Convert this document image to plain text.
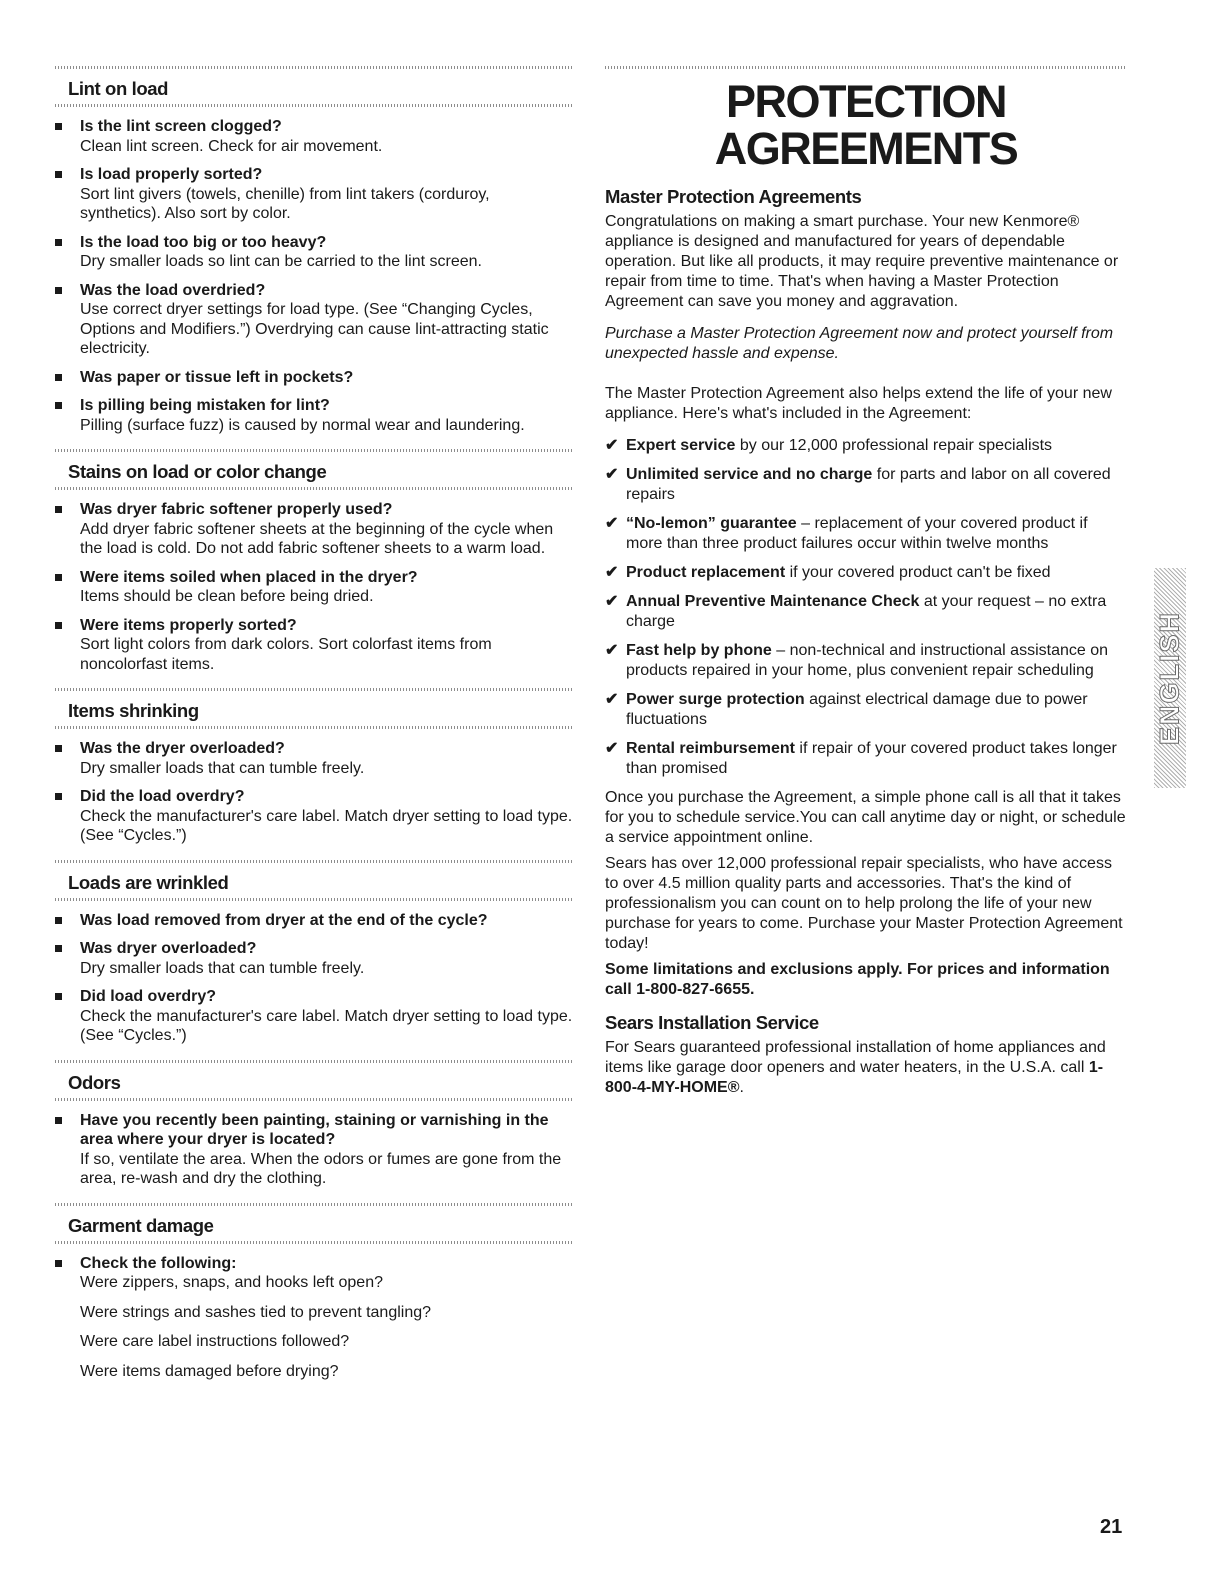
Lint on load
Is the lint screen clogged?
Clean lint screen. Check for air movement.
Is load properly sorted?
Sort lint givers (towels, chenille) from lint takers (corduroy, synthetics). Also sort by color.
Is the load too big or too heavy?
Dry smaller loads so lint can be carried to the lint screen.
Was the load overdried?
Use correct dryer settings for load type. (See “Changing Cycles, Options and Modifiers.”) Overdrying can cause lint-attracting static electricity.
Was paper or tissue left in pockets?
Is pilling being mistaken for lint?
Pilling (surface fuzz) is caused by normal wear and laundering.
Stains on load or color change
Was dryer fabric softener properly used?
Add dryer fabric softener sheets at the beginning of the cycle when the load is cold. Do not add fabric softener sheets to a warm load.
Were items soiled when placed in the dryer?
Items should be clean before being dried.
Were items properly sorted?
Sort light colors from dark colors. Sort colorfast items from noncolorfast items.
Items shrinking
Was the dryer overloaded?
Dry smaller loads that can tumble freely.
Did the load overdry?
Check the manufacturer's care label. Match dryer setting to load type. (See “Cycles.”)
Loads are wrinkled
Was load removed from dryer at the end of the cycle?
Was dryer overloaded?
Dry smaller loads that can tumble freely.
Did load overdry?
Check the manufacturer's care label. Match dryer setting to load type. (See “Cycles.”)
Odors
Have you recently been painting, staining or varnishing in the area where your dryer is located?
If so, ventilate the area. When the odors or fumes are gone from the area, re-wash and dry the clothing.
Garment damage
Check the following:
Were zippers, snaps, and hooks left open?
Were strings and sashes tied to prevent tangling?
Were care label instructions followed?
Were items damaged before drying?
PROTECTION
AGREEMENTS
Master Protection Agreements

Congratulations on making a smart purchase. Your new Kenmore® appliance is designed and manufactured for years of dependable operation. But like all products, it may require preventive maintenance or repair from time to time. That's when having a Master Protection Agreement can save you money and aggravation.

Purchase a Master Protection Agreement now and protect yourself from unexpected hassle and expense.

The Master Protection Agreement also helps extend the life of your new appliance. Here's what's included in the Agreement:

✔ Expert service by our 12,000 professional repair specialists
✔ Unlimited service and no charge for parts and labor on all covered repairs
✔ “No-lemon” guarantee – replacement of your covered product if more than three product failures occur within twelve months
✔ Product replacement if your covered product can't be fixed
✔ Annual Preventive Maintenance Check at your request – no extra charge
✔ Fast help by phone – non-technical and instructional assistance on products repaired in your home, plus convenient repair scheduling
✔ Power surge protection against electrical damage due to power fluctuations
✔ Rental reimbursement if repair of your covered product takes longer than promised

Once you purchase the Agreement, a simple phone call is all that it takes for you to schedule service.You can call anytime day or night, or schedule a service appointment online.

Sears has over 12,000 professional repair specialists, who have access to over 4.5 million quality parts and accessories. That's the kind of professionalism you can count on to help prolong the life of your new purchase for years to come. Purchase your Master Protection Agreement today!

Some limitations and exclusions apply. For prices and information call 1-800-827-6655.

Sears Installation Service

For Sears guaranteed professional installation of home appliances and items like garage door openers and water heaters, in the U.S.A. call 1-800-4-MY-HOME®.

ENGLISH
21
